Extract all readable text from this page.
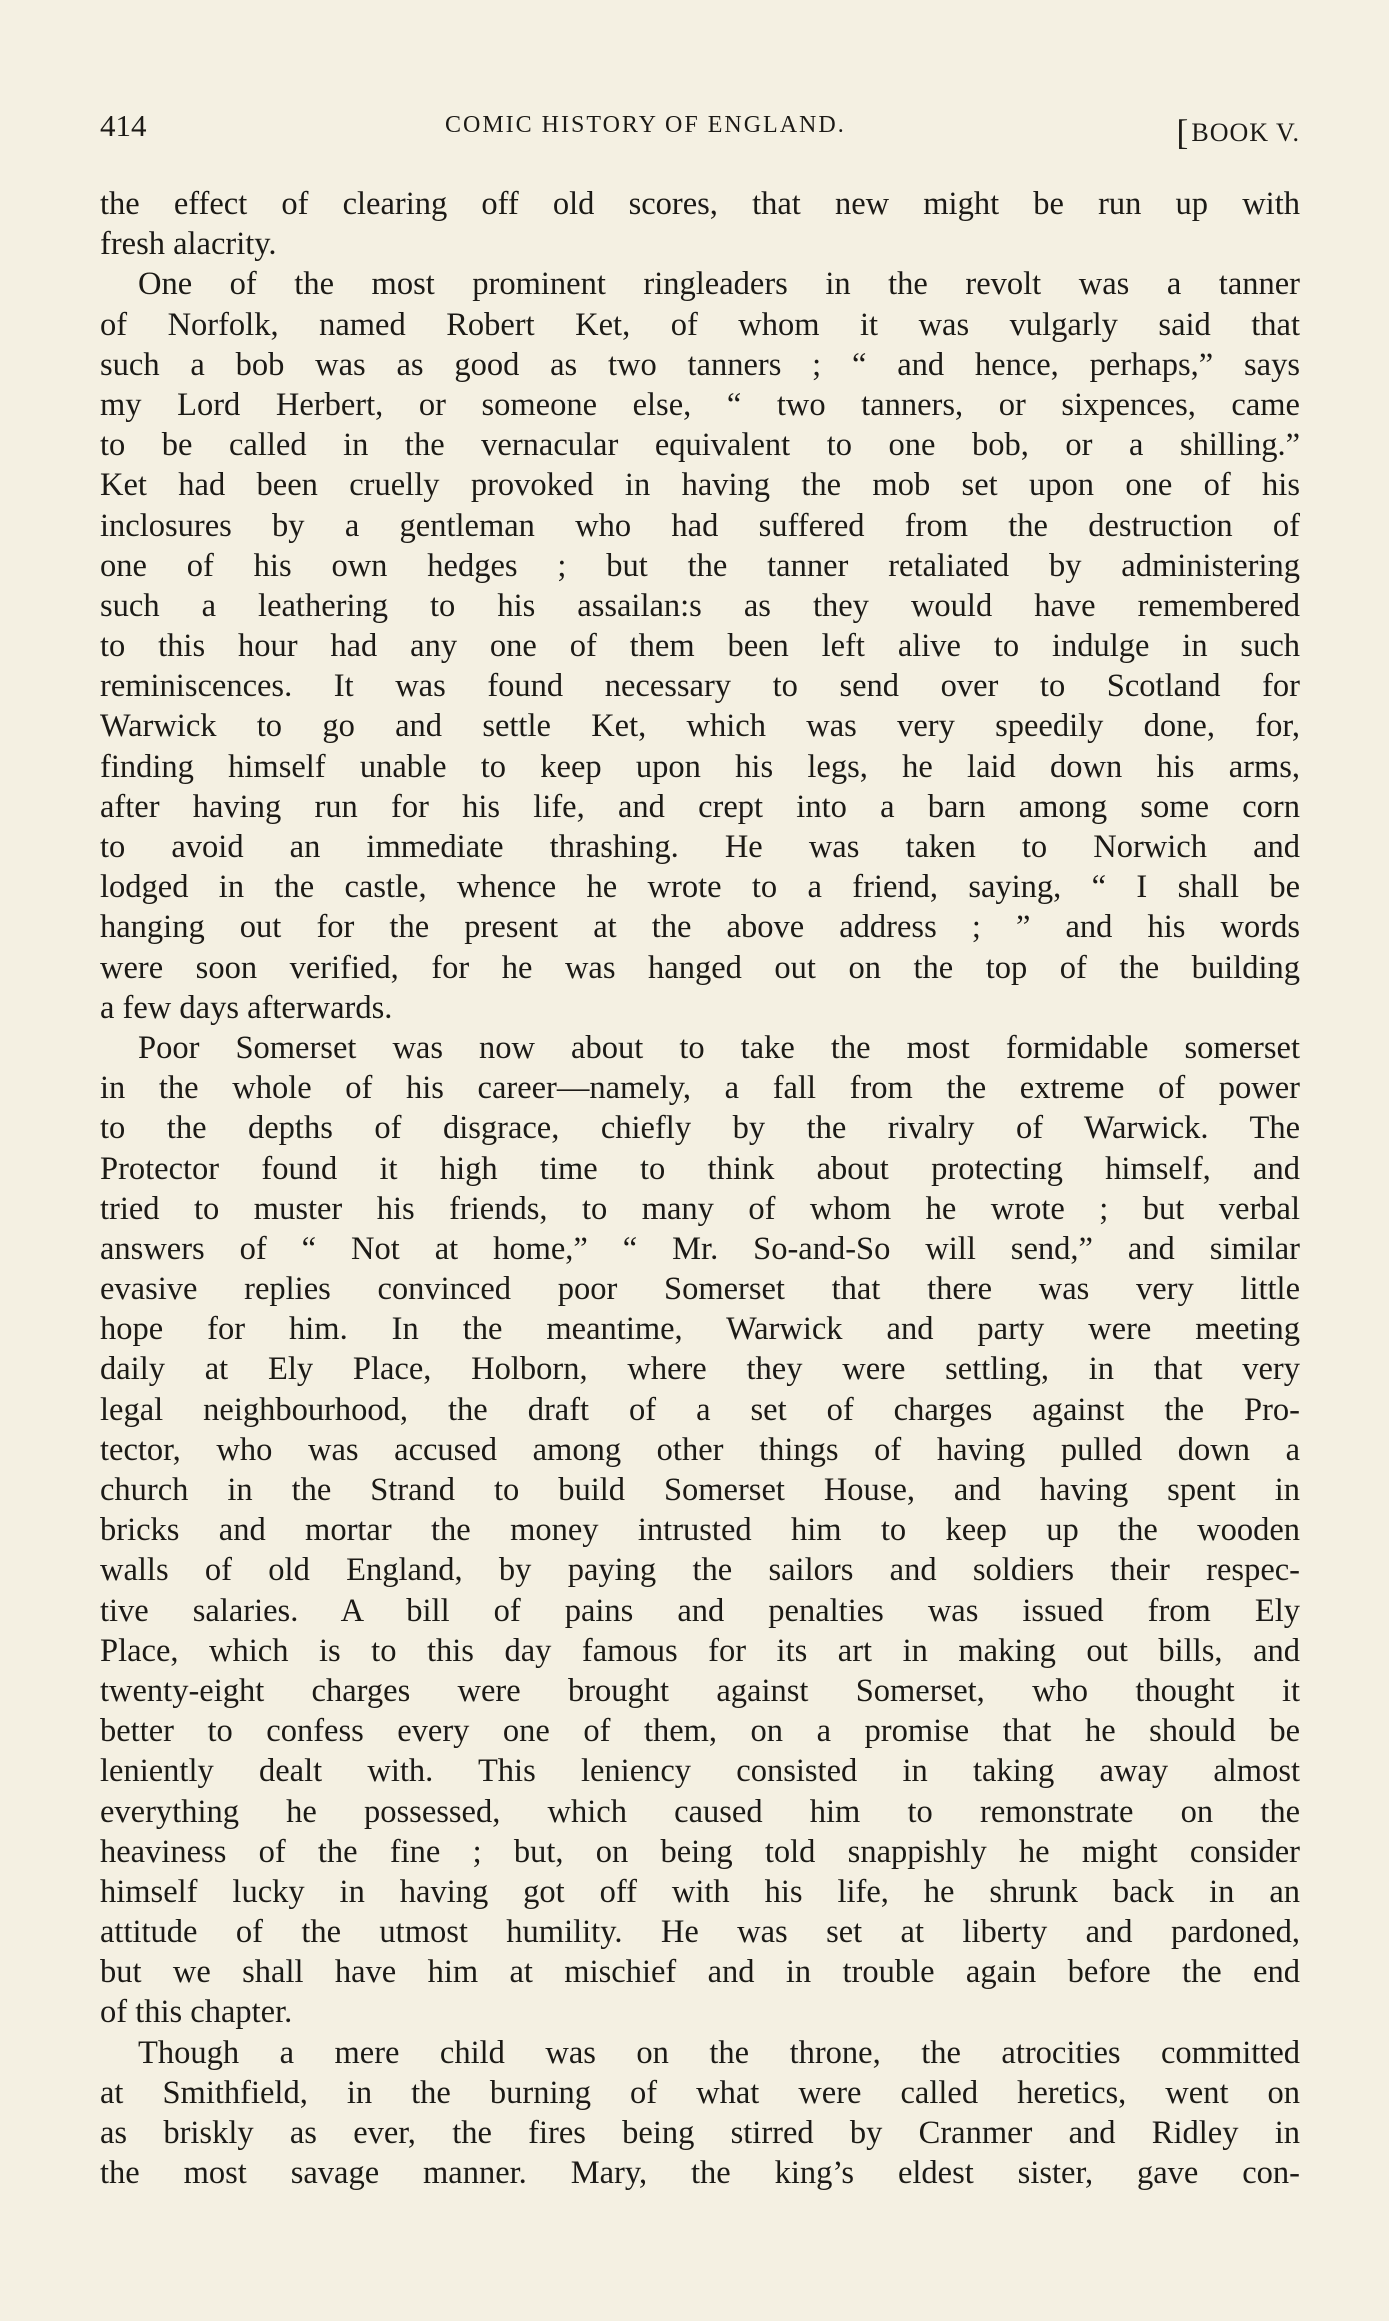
414	COMIC HISTORY OF ENGLAND.	[BOOK V.
the effect of clearing off old scores, that new might be run up with
fresh alacrity.
One of the most prominent ringleaders in the revolt was a tanner
of Norfolk, named Robert Ket, of whom it was vulgarly said that
such a bob was as good as two tanners ; “ and hence, perhaps,” says
my Lord Herbert, or someone else, “ two tanners, or sixpences, came
to be called in the vernacular equivalent to one bob, or a shilling.”
Ket had been cruelly provoked in having the mob set upon one of his
inclosures by a gentleman who had suffered from the destruction of
one of his own hedges ; but the tanner retaliated by administering
such a leathering to his assailan:s as they would have remembered
to this hour had any one of them been left alive to indulge in such
reminiscences. It was found necessary to send over to Scotland for
Warwick to go and settle Ket, which was very speedily done, for,
finding himself unable to keep upon his legs, he laid down his arms,
after having run for his life, and crept into a barn among some corn
to avoid an immediate thrashing. He was taken to Norwich and
lodged in the castle, whence he wrote to a friend, saying, “ I shall be
hanging out for the present at the above address ; ” and his words
were soon verified, for he was hanged out on the top of the building
a few days afterwards.
Poor Somerset was now about to take the most formidable somerset
in the whole of his career—namely, a fall from the extreme of power
to the depths of disgrace, chiefly by the rivalry of Warwick. The
Protector found it high time to think about protecting himself, and
tried to muster his friends, to many of whom he wrote ; but verbal
answers of “ Not at home,” “ Mr. So-and-So will send,” and similar
evasive replies convinced poor Somerset that there was very little
hope for him. In the meantime, Warwick and party were meeting
daily at Ely Place, Holborn, where they were settling, in that very
legal neighbourhood, the draft of a set of charges against the Pro-
tector, who was accused among other things of having pulled down a
church in the Strand to build Somerset House, and having spent in
bricks and mortar the money intrusted him to keep up the wooden
walls of old England, by paying the sailors and soldiers their respec-
tive salaries. A bill of pains and penalties was issued from Ely
Place, which is to this day famous for its art in making out bills, and
twenty-eight charges were brought against Somerset, who thought it
better to confess every one of them, on a promise that he should be
leniently dealt with. This leniency consisted in taking away almost
everything he possessed, which caused him to remonstrate on the
heaviness of the fine ; but, on being told snappishly he might consider
himself lucky in having got off with his life, he shrunk back in an
attitude of the utmost humility. He was set at liberty and pardoned,
but we shall have him at mischief and in trouble again before the end
of this chapter.
Though a mere child was on the throne, the atrocities committed
at Smithfield, in the burning of what were called heretics, went on
as briskly as ever, the fires being stirred by Cranmer and Ridley in
the most savage manner. Mary, the king’s eldest sister, gave con-
